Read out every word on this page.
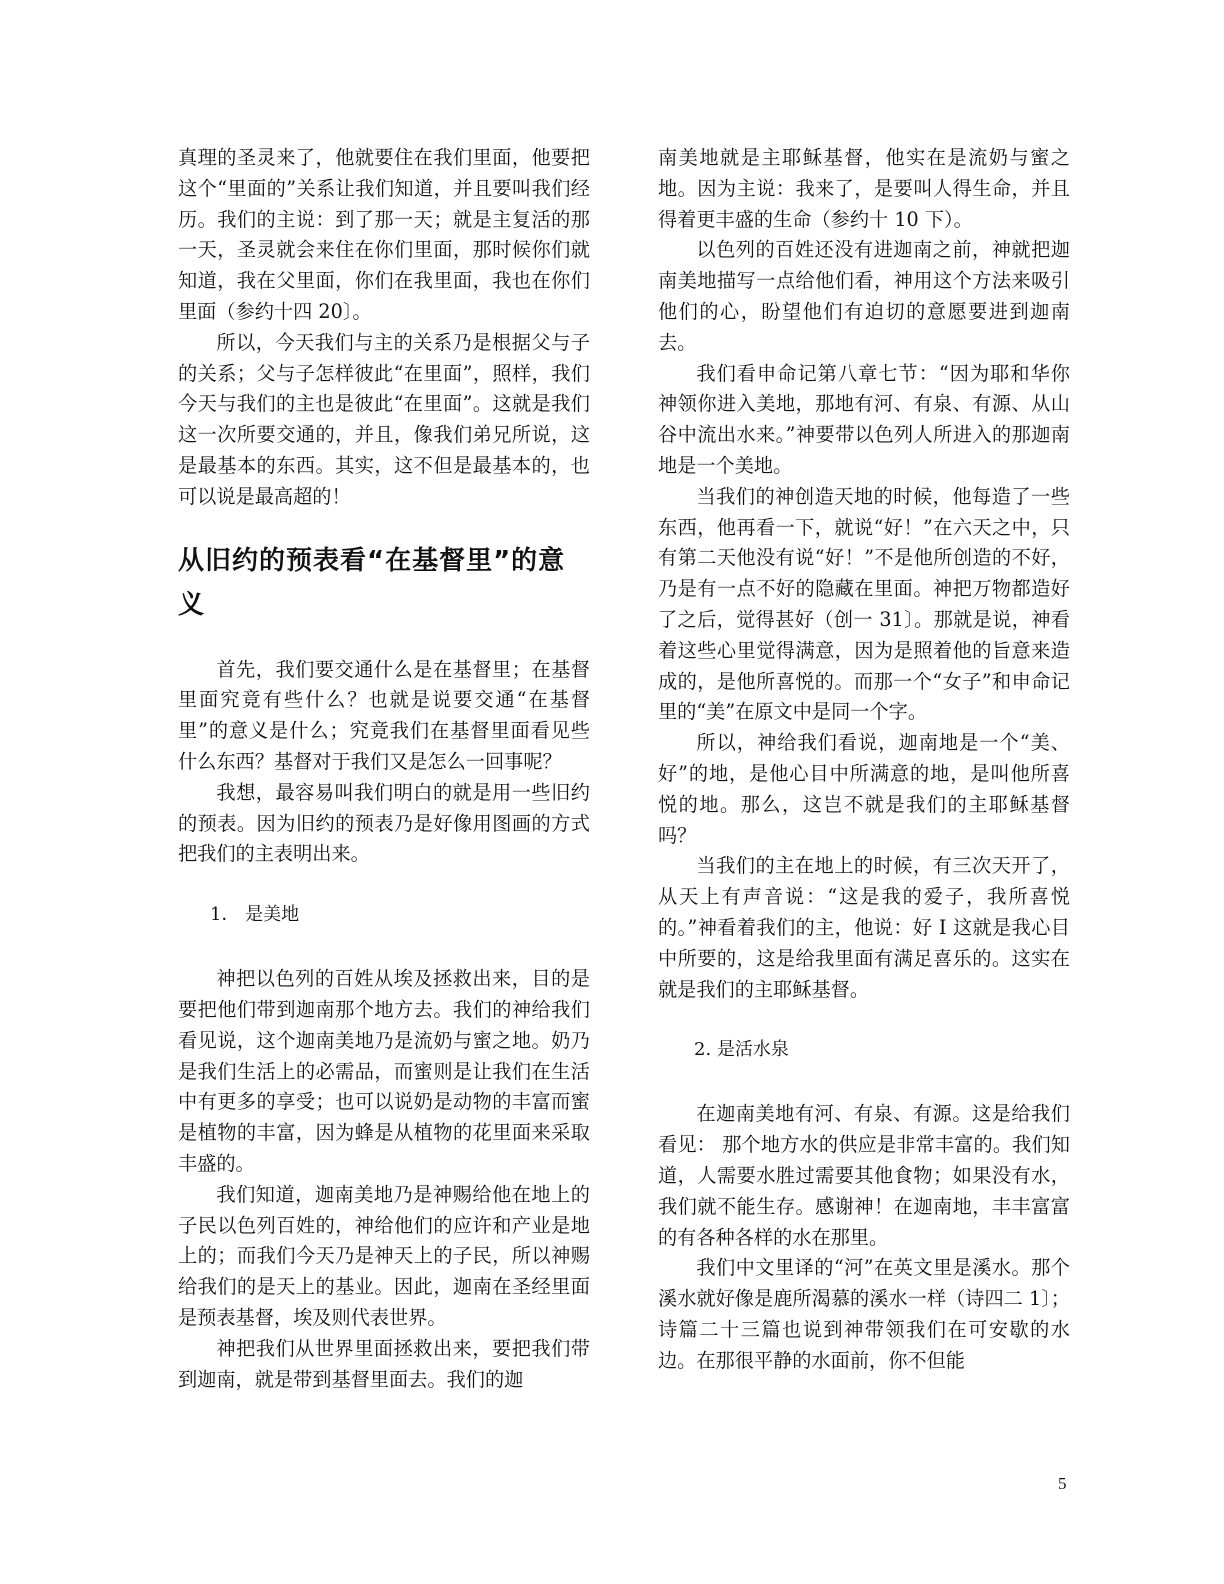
真理的圣灵来了，他就要住在我们里面，他要把这个“里面的”关系让我们知道，并且要叫我们经历。我们的主说：到了那一天；就是主复活的那一天，圣灵就会来住在你们里面，那时候你们就知道，我在父里面，你们在我里面，我也在你们里面（参约十四 20〕。

所以，今天我们与主的关系乃是根据父与子的关系；父与子怎样彼此“在里面”，照样，我们今天与我们的主也是彼此“在里面”。这就是我们这一次所要交通的，并且，像我们弟兄所说，这是最基本的东西。其实，这不但是最基本的，也可以说是最高超的！

从旧约的预表看“在基督里”的意义

首先，我们要交通什么是在基督里；在基督里面究竟有些什么？也就是说要交通“在基督里”的意义是什么；究竟我们在基督里面看见些什么东西？基督对于我们又是怎么一回事呢？

我想，最容易叫我们明白的就是用一些旧约的预表。因为旧约的预表乃是好像用图画的方式把我们的主表明出来。

1． 是美地

神把以色列的百姓从埃及拯救出来，目的是要把他们带到迦南那个地方去。我们的神给我们看见说，这个迦南美地乃是流奶与蜜之地。奶乃是我们生活上的必需品，而蜜则是让我们在生活中有更多的享受；也可以说奶是动物的丰富而蜜是植物的丰富，因为蜂是从植物的花里面来采取丰盛的。

我们知道，迦南美地乃是神赐给他在地上的子民以色列百姓的，神给他们的应许和产业是地上的；而我们今天乃是神天上的子民，所以神赐给我们的是天上的基业。因此，迦南在圣经里面是预表基督，埃及则代表世界。

神把我们从世界里面拯救出来，要把我们带到迦南，就是带到基督里面去。我们的迦

南美地就是主耶稣基督，他实在是流奶与蜜之地。因为主说：我来了，是要叫人得生命，并且得着更丰盛的生命（参约十 10 下）。

以色列的百姓还没有进迦南之前，神就把迦南美地描写一点给他们看，神用这个方法来吸引他们的心，盼望他们有迫切的意愿要进到迦南去。

我们看申命记第八章七节：“因为耶和华你神领你进入美地，那地有河、有泉、有源、从山谷中流出水来。”神要带以色列人所进入的那迦南地是一个美地。

当我们的神创造天地的时候，他每造了一些东西，他再看一下，就说“好！”在六天之中，只有第二天他没有说“好！”不是他所创造的不好，乃是有一点不好的隐藏在里面。神把万物都造好了之后，觉得甚好（创一 31〕。那就是说，神看着这些心里觉得满意，因为是照着他的旨意来造成的，是他所喜悦的。而那一个“女子”和申命记里的“美”在原文中是同一个字。

所以，神给我们看说，迦南地是一个“美、好”的地，是他心目中所满意的地，是叫他所喜悦的地。那么，这岂不就是我们的主耶稣基督吗？

当我们的主在地上的时候，有三次天开了，从天上有声音说：“这是我的爱子，我所喜悦的。”神看着我们的主，他说：好 I 这就是我心目中所要的，这是给我里面有满足喜乐的。这实在就是我们的主耶稣基督。

2. 是活水泉

在迦南美地有河、有泉、有源。这是给我们看见： 那个地方水的供应是非常丰富的。我们知道，人需要水胜过需要其他食物；如果没有水，我们就不能生存。感谢神！在迦南地，丰丰富富的有各种各样的水在那里。

我们中文里译的“河”在英文里是溪水。那个溪水就好像是鹿所渴慕的溪水一样（诗四二 1〕；诗篇二十三篇也说到神带领我们在可安歇的水边。在那很平静的水面前，你不但能

5
